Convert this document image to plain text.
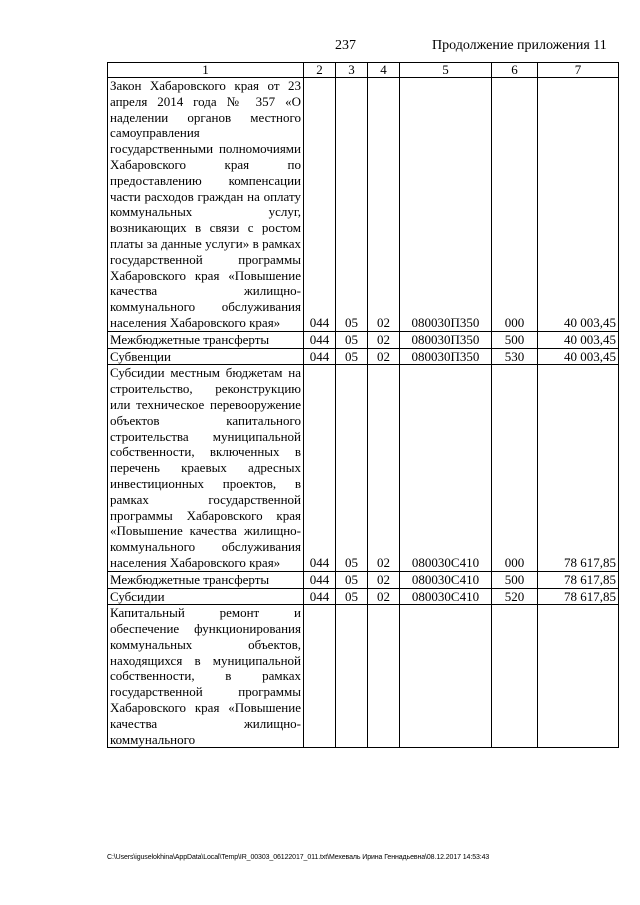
237	Продолжение приложения 11
1	2	3	4	5	6	7
Закон Хабаровского края от 23 апреля 2014 года № 357 «О наделении органов местного самоуправления государственными полномочиями Хабаровского края по предоставлению компенсации части расходов граждан на оплату коммунальных услуг, возникающих в связи с ростом платы за данные услуги» в рамках государственной программы Хабаровского края «Повышение качества жилищно-коммунального обслуживания населения Хабаровского края»	044	05	02	080030П350	000	40 003,45
Межбюджетные трансферты	044	05	02	080030П350	500	40 003,45
Субвенции	044	05	02	080030П350	530	40 003,45
Субсидии местным бюджетам на строительство, реконструкцию или техническое перевооружение объектов капитального строительства муниципальной собственности, включенных в перечень краевых адресных инвестиционных проектов, в рамках государственной программы Хабаровского края «Повышение качества жилищно-коммунального обслуживания населения Хабаровского края»	044	05	02	080030С410	000	78 617,85
Межбюджетные трансферты	044	05	02	080030С410	500	78 617,85
Субсидии	044	05	02	080030С410	520	78 617,85
Капитальный ремонт и обеспечение функционирования коммунальных объектов, находящихся в муниципальной собственности, в рамках государственной программы Хабаровского края «Повышение качества жилищно-коммунального						
C:\Users\iguselokhina\AppData\Local\Temp\IR_00303_06122017_011.txt\Мехеваль Ирина Геннадьевна\08.12.2017 14:53:43
